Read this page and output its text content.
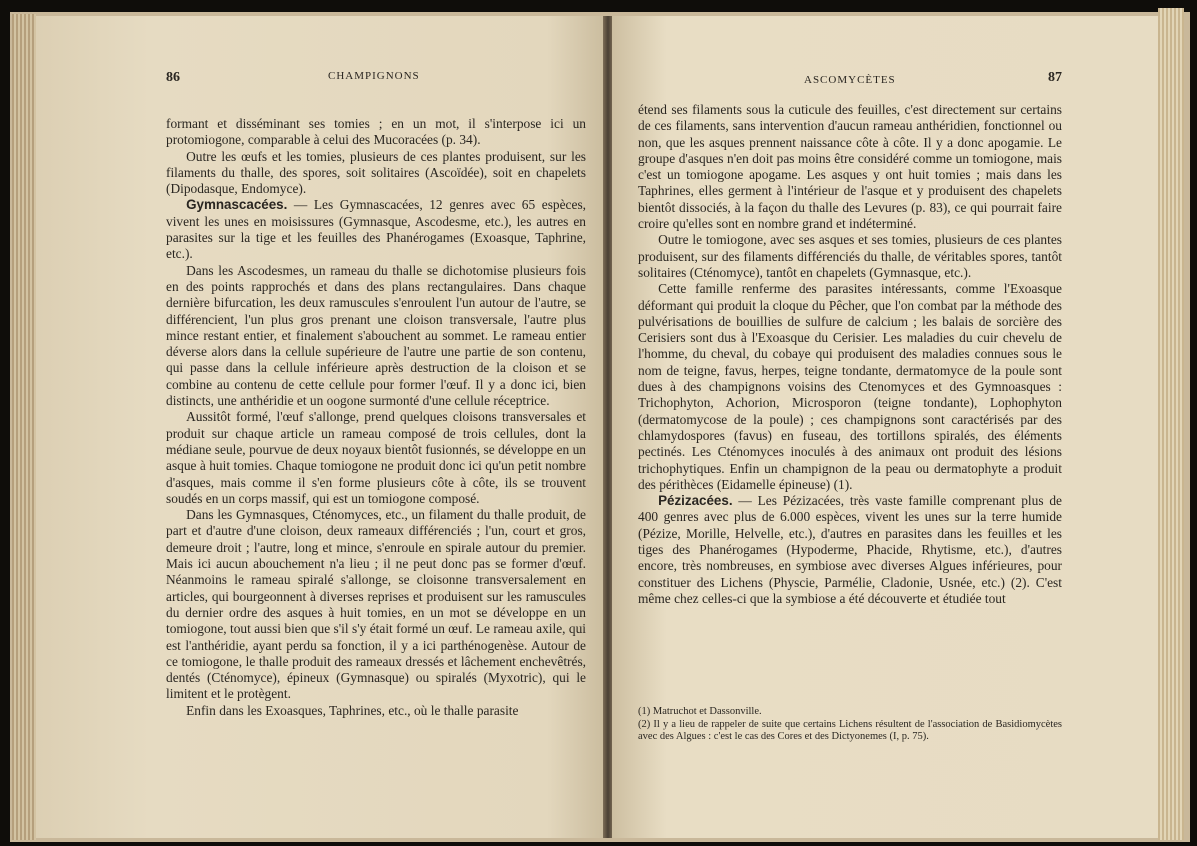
86	CHAMPIGNONS

formant et disséminant ses tomies ; en un mot, il s'interpose ici un protomiogone, comparable à celui des Mucoracées (p. 34).

Outre les œufs et les tomies, plusieurs de ces plantes produisent, sur les filaments du thalle, des spores, soit solitaires (Ascoïdée), soit en chapelets (Dipodasque, Endomyce).

Gymnascacées. — Les Gymnascacées, 12 genres avec 65 espèces, vivent les unes en moisissures (Gymnasque, Ascodesme, etc.), les autres en parasites sur la tige et les feuilles des Phanérogames (Exoasque, Taphrine, etc.).

Dans les Ascodesmes, un rameau du thalle se dichotomise plusieurs fois en des points rapprochés et dans des plans rectangulaires. Dans chaque dernière bifurcation, les deux ramuscules s'enroulent l'un autour de l'autre, se différencient, l'un plus gros prenant une cloison transversale, l'autre plus mince restant entier, et finalement s'abouchent au sommet. Le rameau entier déverse alors dans la cellule supérieure de l'autre une partie de son contenu, qui passe dans la cellule inférieure après destruction de la cloison et se combine au contenu de cette cellule pour former l'œuf. Il y a donc ici, bien distincts, une anthéridie et un oogone surmonté d'une cellule réceptrice.

Aussitôt formé, l'œuf s'allonge, prend quelques cloisons transversales et produit sur chaque article un rameau composé de trois cellules, dont la médiane seule, pourvue de deux noyaux bientôt fusionnés, se développe en un asque à huit tomies. Chaque tomiogone ne produit donc ici qu'un petit nombre d'asques, mais comme il s'en forme plusieurs côte à côte, ils se trouvent soudés en un corps massif, qui est un tomiogone composé.

Dans les Gymnasques, Cténomyces, etc., un filament du thalle produit, de part et d'autre d'une cloison, deux rameaux différenciés ; l'un, court et gros, demeure droit ; l'autre, long et mince, s'enroule en spirale autour du premier. Mais ici aucun abouchement n'a lieu ; il ne peut donc pas se former d'œuf. Néanmoins le rameau spiralé s'allonge, se cloisonne transversalement en articles, qui bourgeonnent à diverses reprises et produisent sur les ramuscules du dernier ordre des asques à huit tomies, en un mot se développe en un tomiogone, tout aussi bien que s'il s'y était formé un œuf. Le rameau axile, qui est l'anthéridie, ayant perdu sa fonction, il y a ici parthénogenèse. Autour de ce tomiogone, le thalle produit des rameaux dressés et lâchement enchevêtrés, dentés (Cténomyce), épineux (Gymnasque) ou spiralés (Myxotric), qui le limitent et le protègent.

Enfin dans les Exoasques, Taphrines, etc., où le thalle parasite

ASCOMYCÈTES	87

étend ses filaments sous la cuticule des feuilles, c'est directement sur certains de ces filaments, sans intervention d'aucun rameau anthéridien, fonctionnel ou non, que les asques prennent naissance côte à côte. Il y a donc apogamie. Le groupe d'asques n'en doit pas moins être considéré comme un tomiogone, mais c'est un tomiogone apogame. Les asques y ont huit tomies ; mais dans les Taphrines, elles germent à l'intérieur de l'asque et y produisent des chapelets bientôt dissociés, à la façon du thalle des Levures (p. 83), ce qui pourrait faire croire qu'elles sont en nombre grand et indéterminé.

Outre le tomiogone, avec ses asques et ses tomies, plusieurs de ces plantes produisent, sur des filaments différenciés du thalle, de véritables spores, tantôt solitaires (Cténomyce), tantôt en chapelets (Gymnasque, etc.).

Cette famille renferme des parasites intéressants, comme l'Exoasque déformant qui produit la cloque du Pêcher, que l'on combat par la méthode des pulvérisations de bouillies de sulfure de calcium ; les balais de sorcière des Cerisiers sont dus à l'Exoasque du Cerisier. Les maladies du cuir chevelu de l'homme, du cheval, du cobaye qui produisent des maladies connues sous le nom de teigne, favus, herpes, teigne tondante, dermatomyce de la poule sont dues à des champignons voisins des Ctenomyces et des Gymnoasques : Trichophyton, Achorion, Microsporon (teigne tondante), Lophophyton (dermatomycose de la poule) ; ces champignons sont caractérisés par des chlamydospores (favus) en fuseau, des tortillons spiralés, des éléments pectinés. Les Cténomyces inoculés à des animaux ont produit des lésions trichophytiques. Enfin un champignon de la peau ou dermatophyte a produit des périthèces (Eidamelle épineuse) (1).

Pézizacées. — Les Pézizacées, très vaste famille comprenant plus de 400 genres avec plus de 6.000 espèces, vivent les unes sur la terre humide (Pézize, Morille, Helvelle, etc.), d'autres en parasites dans les feuilles et les tiges des Phanérogames (Hypoderme, Phacide, Rhytisme, etc.), d'autres encore, très nombreuses, en symbiose avec diverses Algues inférieures, pour constituer des Lichens (Physcie, Parmélie, Cladonie, Usnée, etc.) (2). C'est même chez celles-ci que la symbiose a été découverte et étudiée tout

(1) Matruchot et Dassonville.

(2) Il y a lieu de rappeler de suite que certains Lichens résultent de l'association de Basidiomycètes avec des Algues : c'est le cas des Cores et des Dictyonemes (I, p. 75).
